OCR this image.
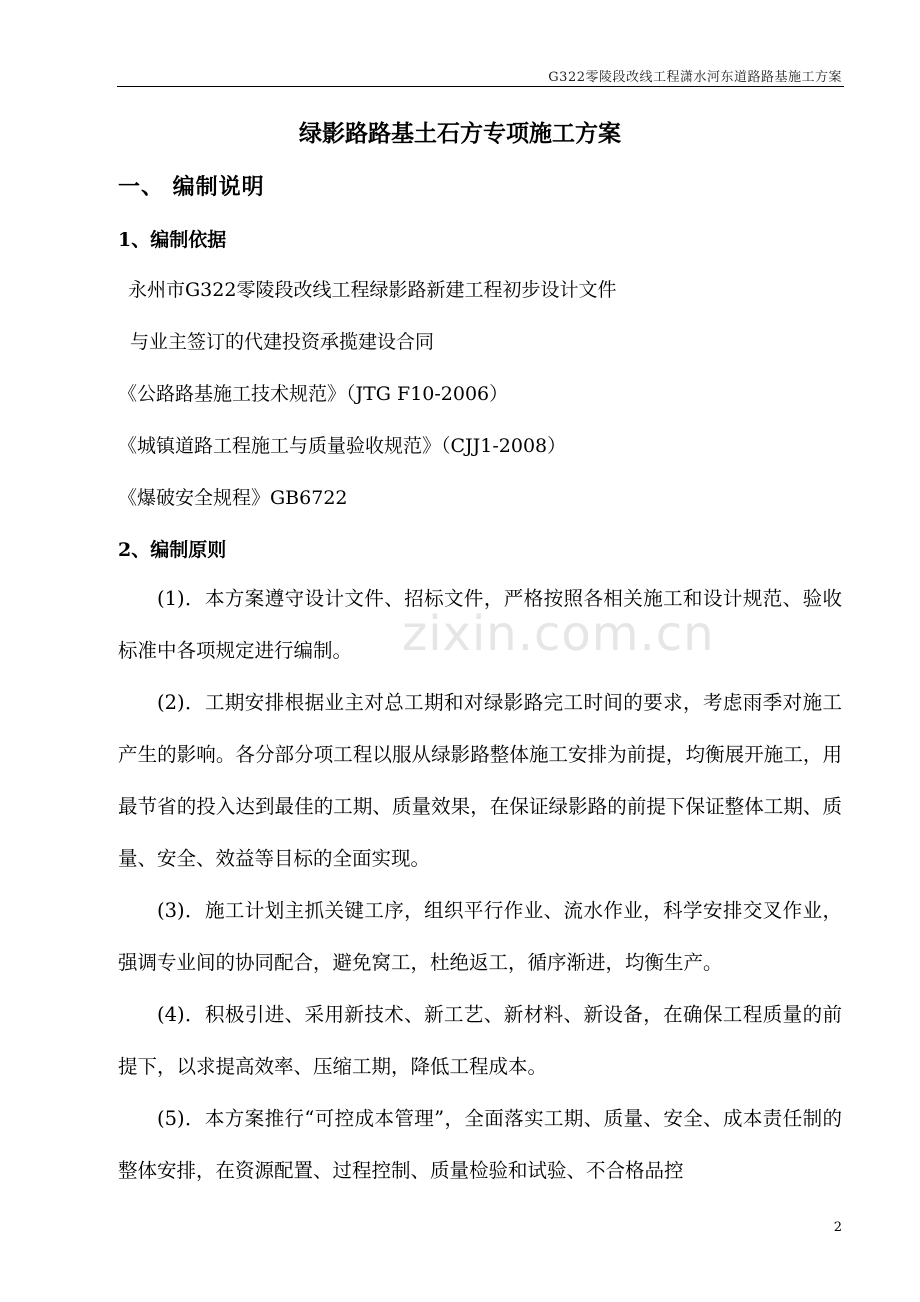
G322零陵段改线工程潇水河东道路路基施工方案
zixin.com.cn
绿影路路基土石方专项施工方案
一、 编制说明
1、编制依据
永州市G322零陵段改线工程绿影路新建工程初步设计文件
与业主签订的代建投资承揽建设合同
《公路路基施工技术规范》（JTG F10-2006）
《城镇道路工程施工与质量验收规范》（CJJ1-2008）
《爆破安全规程》GB6722
2、编制原则
(1)．本方案遵守设计文件、招标文件，严格按照各相关施工和设计规范、验收标准中各项规定进行编制。
(2)．工期安排根据业主对总工期和对绿影路完工时间的要求，考虑雨季对施工产生的影响。各分部分项工程以服从绿影路整体施工安排为前提，均衡展开施工，用最节省的投入达到最佳的工期、质量效果，在保证绿影路的前提下保证整体工期、质量、安全、效益等目标的全面实现。
(3)．施工计划主抓关键工序，组织平行作业、流水作业，科学安排交叉作业，强调专业间的协同配合，避免窝工，杜绝返工，循序渐进，均衡生产。
(4)．积极引进、采用新技术、新工艺、新材料、新设备，在确保工程质量的前提下，以求提高效率、压缩工期，降低工程成本。
(5)．本方案推行“可控成本管理”，全面落实工期、质量、安全、成本责任制的整体安排，在资源配置、过程控制、质量检验和试验、不合格品控
2
